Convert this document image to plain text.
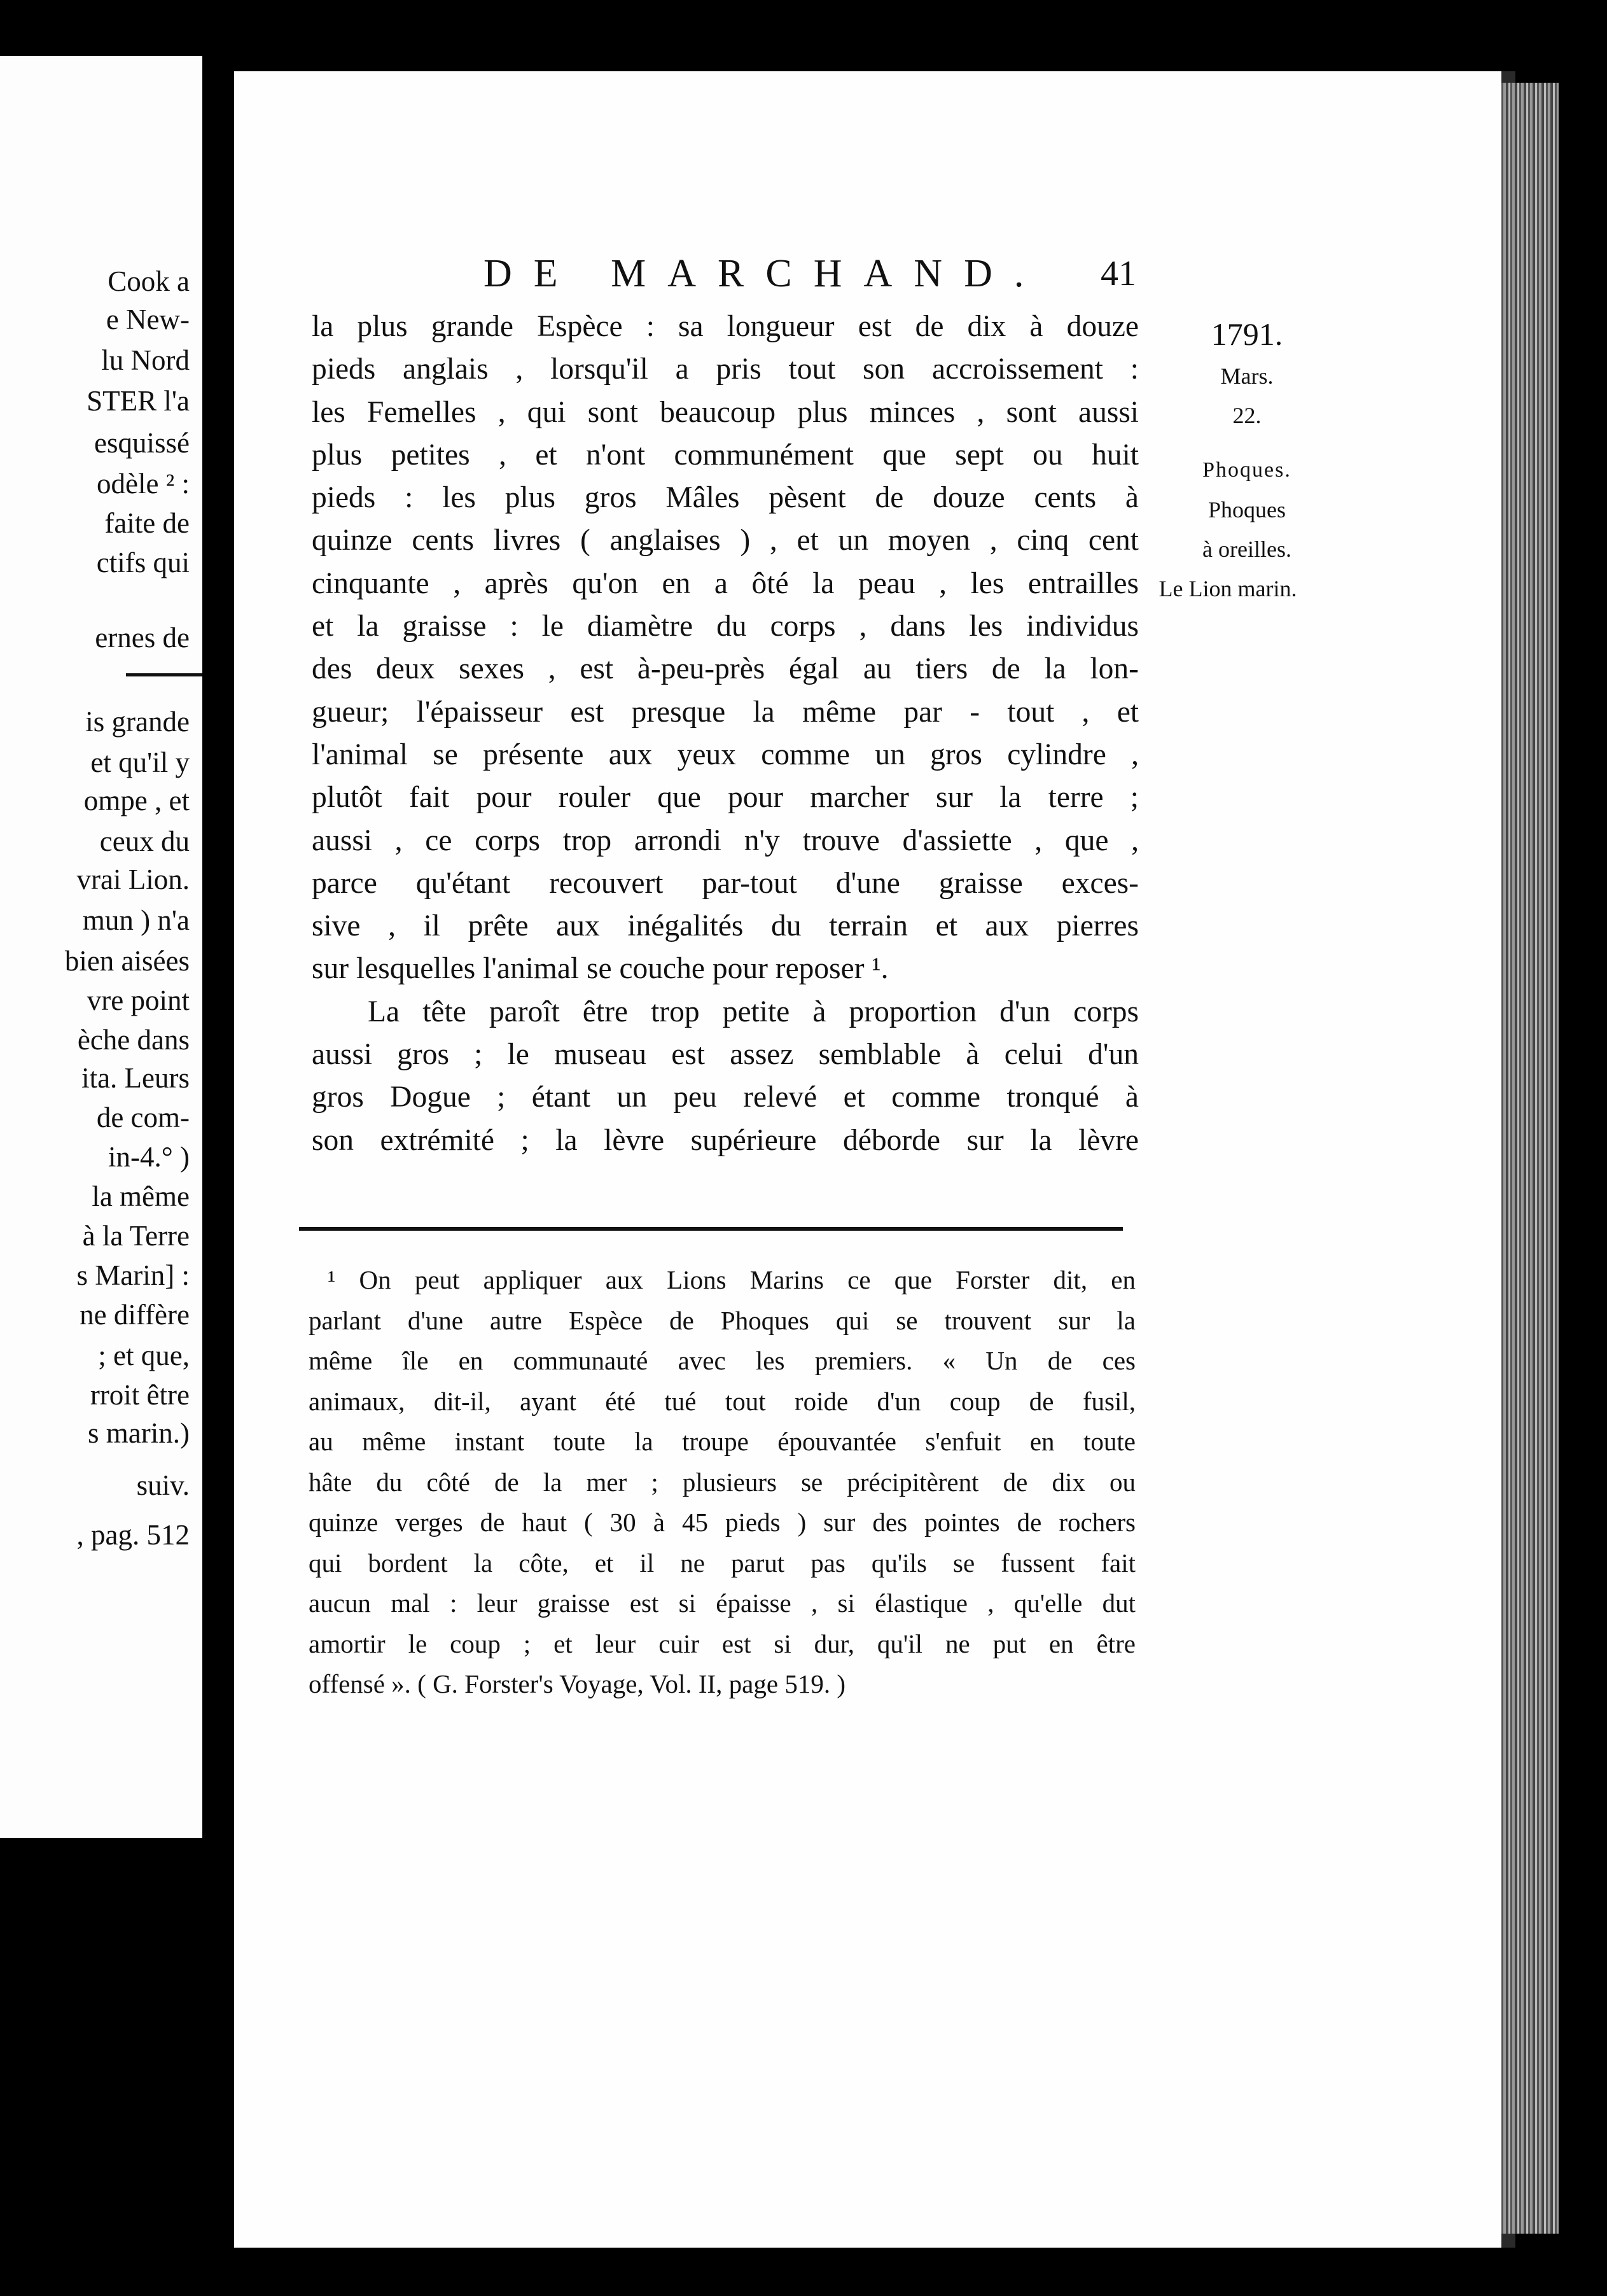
Cook a
e New-
lu Nord
STER l'a
esquissé
odèle ² :
faite de
ctifs qui
ernes de
is grande
et qu'il y
ompe , et
ceux du
vrai Lion.
mun ) n'a
bien aisées
vre point
èche dans
ita. Leurs
de com-
in-4.° )
la même
à la Terre
s Marin] :
ne diffère
; et que,
rroit être
s marin.)
suiv.
, pag. 512
DE MARCHAND. 41
la plus grande Espèce : sa longueur est de dix à douze
pieds anglais , lorsqu'il a pris tout son accroissement :
les Femelles , qui sont beaucoup plus minces , sont aussi
plus petites , et n'ont communément que sept ou huit
pieds : les plus gros Mâles pèsent de douze cents à
quinze cents livres ( anglaises ) , et un moyen , cinq cent
cinquante , après qu'on en a ôté la peau , les entrailles
et la graisse : le diamètre du corps , dans les individus
des deux sexes , est à-peu-près égal au tiers de la lon-
gueur; l'épaisseur est presque la même par - tout , et
l'animal se présente aux yeux comme un gros cylindre ,
plutôt fait pour rouler que pour marcher sur la terre ;
aussi , ce corps trop arrondi n'y trouve d'assiette , que ,
parce qu'étant recouvert par-tout d'une graisse exces-
sive , il prête aux inégalités du terrain et aux pierres
sur lesquelles l'animal se couche pour reposer ¹.
La tête paroît être trop petite à proportion d'un corps
aussi gros ; le museau est assez semblable à celui d'un
gros Dogue ; étant un peu relevé et comme tronqué à
son extrémité ; la lèvre supérieure déborde sur la lèvre
1791.
Mars.
22.
Phoques.
Phoques
à oreilles.
Le Lion marin.
¹ On peut appliquer aux Lions Marins ce que Forster dit, en
parlant d'une autre Espèce de Phoques qui se trouvent sur la
même île en communauté avec les premiers. « Un de ces
animaux, dit-il, ayant été tué tout roide d'un coup de fusil,
au même instant toute la troupe épouvantée s'enfuit en toute
hâte du côté de la mer ; plusieurs se précipitèrent de dix ou
quinze verges de haut ( 30 à 45 pieds ) sur des pointes de rochers
qui bordent la côte, et il ne parut pas qu'ils se fussent fait
aucun mal : leur graisse est si épaisse , si élastique , qu'elle dut
amortir le coup ; et leur cuir est si dur, qu'il ne put en être
offensé ». ( G. Forster's Voyage, Vol. II, page 519. )
